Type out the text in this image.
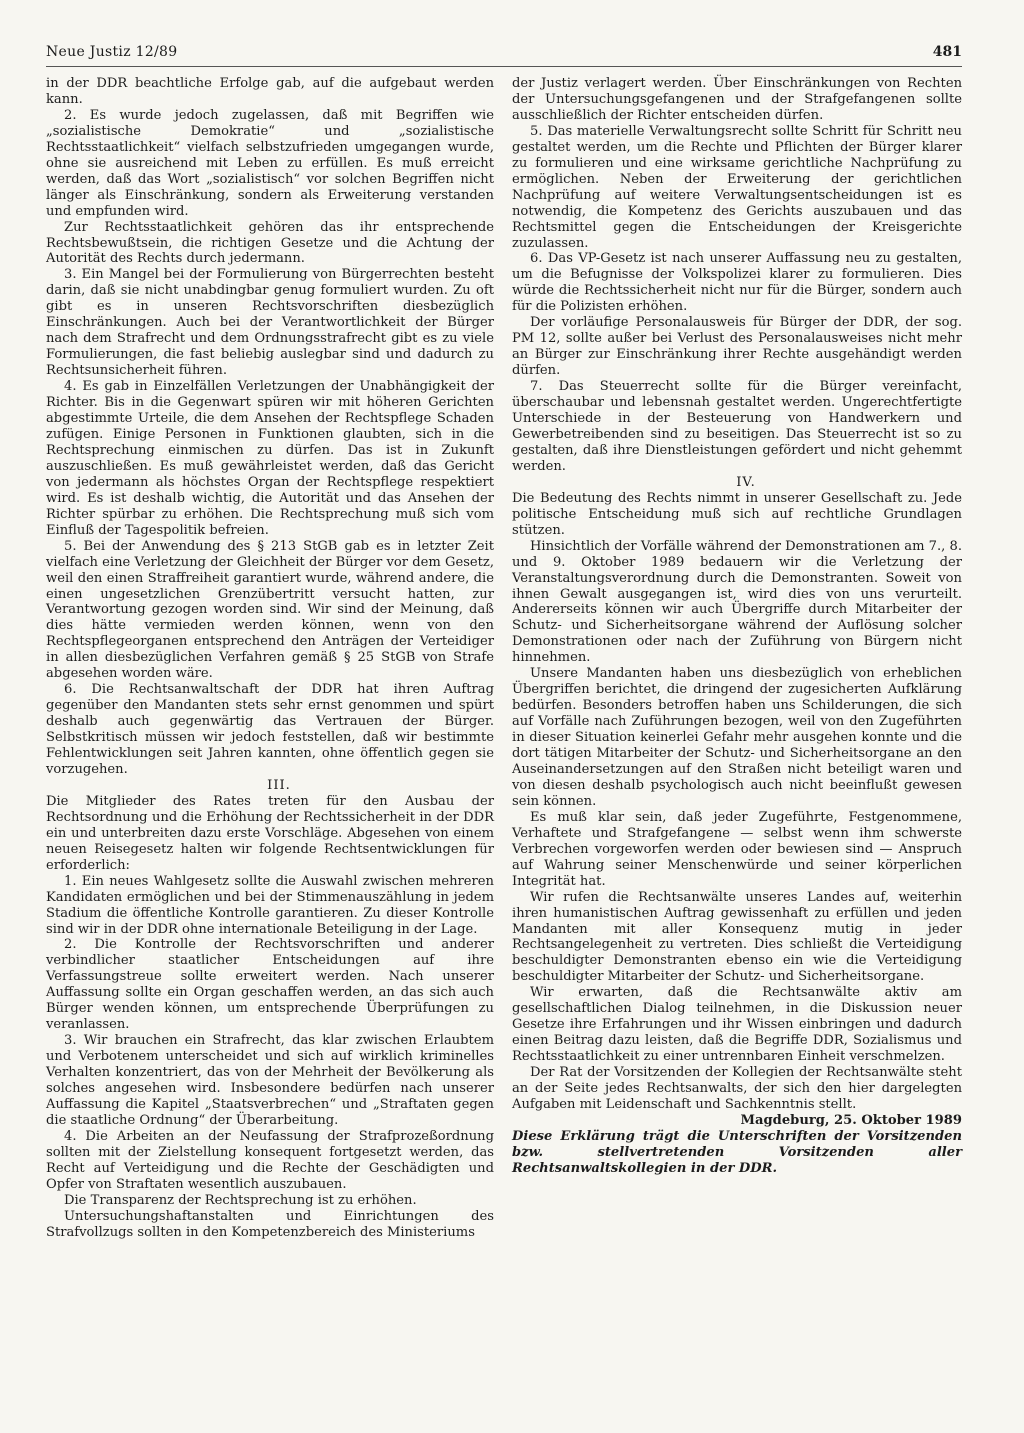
Neue Justiz 12/89	481

in der DDR beachtliche Erfolge gab, auf die aufgebaut werden kann.

2. Es wurde jedoch zugelassen, daß mit Begriffen wie „sozialistische Demokratie“ und „sozialistische Rechtsstaatlichkeit“ vielfach selbstzufrieden umgegangen wurde, ohne sie ausreichend mit Leben zu erfüllen. Es muß erreicht werden, daß das Wort „sozialistisch“ vor solchen Begriffen nicht länger als Einschränkung, sondern als Erweiterung verstanden und empfunden wird.

Zur Rechtsstaatlichkeit gehören das ihr entsprechende Rechtsbewußtsein, die richtigen Gesetze und die Achtung der Autorität des Rechts durch jedermann.

3. Ein Mangel bei der Formulierung von Bürgerrechten besteht darin, daß sie nicht unabdingbar genug formuliert wurden. Zu oft gibt es in unseren Rechtsvorschriften diesbezüglich Einschränkungen. Auch bei der Verantwortlichkeit der Bürger nach dem Strafrecht und dem Ordnungsstrafrecht gibt es zu viele Formulierungen, die fast beliebig auslegbar sind und dadurch zu Rechtsunsicherheit führen.

4. Es gab in Einzelfällen Verletzungen der Unabhängigkeit der Richter. Bis in die Gegenwart spüren wir mit höheren Gerichten abgestimmte Urteile, die dem Ansehen der Rechtspflege Schaden zufügen. Einige Personen in Funktionen glaubten, sich in die Rechtsprechung einmischen zu dürfen. Das ist in Zukunft auszuschließen. Es muß gewährleistet werden, daß das Gericht von jedermann als höchstes Organ der Rechtspflege respektiert wird. Es ist deshalb wichtig, die Autorität und das Ansehen der Richter spürbar zu erhöhen. Die Rechtsprechung muß sich vom Einfluß der Tagespolitik befreien.

5. Bei der Anwendung des § 213 StGB gab es in letzter Zeit vielfach eine Verletzung der Gleichheit der Bürger vor dem Gesetz, weil den einen Straffreiheit garantiert wurde, während andere, die einen ungesetzlichen Grenzübertritt versucht hatten, zur Verantwortung gezogen worden sind. Wir sind der Meinung, daß dies hätte vermieden werden können, wenn von den Rechtspflegeorganen entsprechend den Anträgen der Verteidiger in allen diesbezüglichen Verfahren gemäß § 25 StGB von Strafe abgesehen worden wäre.

6. Die Rechtsanwaltschaft der DDR hat ihren Auftrag gegenüber den Mandanten stets sehr ernst genommen und spürt deshalb auch gegenwärtig das Vertrauen der Bürger. Selbstkritisch müssen wir jedoch feststellen, daß wir bestimmte Fehlentwicklungen seit Jahren kannten, ohne öffentlich gegen sie vorzugehen.

III.

Die Mitglieder des Rates treten für den Ausbau der Rechtsordnung und die Erhöhung der Rechtssicherheit in der DDR ein und unterbreiten dazu erste Vorschläge. Abgesehen von einem neuen Reisegesetz halten wir folgende Rechtsentwicklungen für erforderlich:

1. Ein neues Wahlgesetz sollte die Auswahl zwischen mehreren Kandidaten ermöglichen und bei der Stimmenauszählung in jedem Stadium die öffentliche Kontrolle garantieren. Zu dieser Kontrolle sind wir in der DDR ohne internationale Beteiligung in der Lage.

2. Die Kontrolle der Rechtsvorschriften und anderer verbindlicher staatlicher Entscheidungen auf ihre Verfassungstreue sollte erweitert werden. Nach unserer Auffassung sollte ein Organ geschaffen werden, an das sich auch Bürger wenden können, um entsprechende Überprüfungen zu veranlassen.

3. Wir brauchen ein Strafrecht, das klar zwischen Erlaubtem und Verbotenem unterscheidet und sich auf wirklich kriminelles Verhalten konzentriert, das von der Mehrheit der Bevölkerung als solches angesehen wird. Insbesondere bedürfen nach unserer Auffassung die Kapitel „Staatsverbrechen“ und „Straftaten gegen die staatliche Ordnung“ der Überarbeitung.

4. Die Arbeiten an der Neufassung der Strafprozeßordnung sollten mit der Zielstellung konsequent fortgesetzt werden, das Recht auf Verteidigung und die Rechte der Geschädigten und Opfer von Straftaten wesentlich auszubauen.

Die Transparenz der Rechtsprechung ist zu erhöhen.

Untersuchungshaftanstalten und Einrichtungen des Strafvollzugs sollten in den Kompetenzbereich des Ministeriums

der Justiz verlagert werden. Über Einschränkungen von Rechten der Untersuchungsgefangenen und der Strafgefangenen sollte ausschließlich der Richter entscheiden dürfen.

5. Das materielle Verwaltungsrecht sollte Schritt für Schritt neu gestaltet werden, um die Rechte und Pflichten der Bürger klarer zu formulieren und eine wirksame gerichtliche Nachprüfung zu ermöglichen. Neben der Erweiterung der gerichtlichen Nachprüfung auf weitere Verwaltungsentscheidungen ist es notwendig, die Kompetenz des Gerichts auszubauen und das Rechtsmittel gegen die Entscheidungen der Kreisgerichte zuzulassen.

6. Das VP-Gesetz ist nach unserer Auffassung neu zu gestalten, um die Befugnisse der Volkspolizei klarer zu formulieren. Dies würde die Rechtssicherheit nicht nur für die Bürger, sondern auch für die Polizisten erhöhen.

Der vorläufige Personalausweis für Bürger der DDR, der sog. PM 12, sollte außer bei Verlust des Personalausweises nicht mehr an Bürger zur Einschränkung ihrer Rechte ausgehändigt werden dürfen.

7. Das Steuerrecht sollte für die Bürger vereinfacht, überschaubar und lebensnah gestaltet werden. Ungerechtfertigte Unterschiede in der Besteuerung von Handwerkern und Gewerbetreibenden sind zu beseitigen. Das Steuerrecht ist so zu gestalten, daß ihre Dienstleistungen gefördert und nicht gehemmt werden.

IV.

Die Bedeutung des Rechts nimmt in unserer Gesellschaft zu. Jede politische Entscheidung muß sich auf rechtliche Grundlagen stützen.

Hinsichtlich der Vorfälle während der Demonstrationen am 7., 8. und 9. Oktober 1989 bedauern wir die Verletzung der Veranstaltungsverordnung durch die Demonstranten. Soweit von ihnen Gewalt ausgegangen ist, wird dies von uns verurteilt. Andererseits können wir auch Übergriffe durch Mitarbeiter der Schutz- und Sicherheitsorgane während der Auflösung solcher Demonstrationen oder nach der Zuführung von Bürgern nicht hinnehmen.

Unsere Mandanten haben uns diesbezüglich von erheblichen Übergriffen berichtet, die dringend der zugesicherten Aufklärung bedürfen. Besonders betroffen haben uns Schilderungen, die sich auf Vorfälle nach Zuführungen bezogen, weil von den Zugeführten in dieser Situation keinerlei Gefahr mehr ausgehen konnte und die dort tätigen Mitarbeiter der Schutz- und Sicherheitsorgane an den Auseinandersetzungen auf den Straßen nicht beteiligt waren und von diesen deshalb psychologisch auch nicht beeinflußt gewesen sein können.

Es muß klar sein, daß jeder Zugeführte, Festgenommene, Verhaftete und Strafgefangene — selbst wenn ihm schwerste Verbrechen vorgeworfen werden oder bewiesen sind — Anspruch auf Wahrung seiner Menschenwürde und seiner körperlichen Integrität hat.

Wir rufen die Rechtsanwälte unseres Landes auf, weiterhin ihren humanistischen Auftrag gewissenhaft zu erfüllen und jeden Mandanten mit aller Konsequenz mutig in jeder Rechtsangelegenheit zu vertreten. Dies schließt die Verteidigung beschuldigter Demonstranten ebenso ein wie die Verteidigung beschuldigter Mitarbeiter der Schutz- und Sicherheitsorgane.

Wir erwarten, daß die Rechtsanwälte aktiv am gesellschaftlichen Dialog teilnehmen, in die Diskussion neuer Gesetze ihre Erfahrungen und ihr Wissen einbringen und dadurch einen Beitrag dazu leisten, daß die Begriffe DDR, Sozialismus und Rechtsstaatlichkeit zu einer untrennbaren Einheit verschmelzen.

Der Rat der Vorsitzenden der Kollegien der Rechtsanwälte steht an der Seite jedes Rechtsanwalts, der sich den hier dargelegten Aufgaben mit Leidenschaft und Sachkenntnis stellt.

Magdeburg, 25. Oktober 1989

Diese Erklärung trägt die Unterschriften der Vorsitzenden bzw. stellvertretenden Vorsitzenden aller Rechtsanwaltskollegien in der DDR.
